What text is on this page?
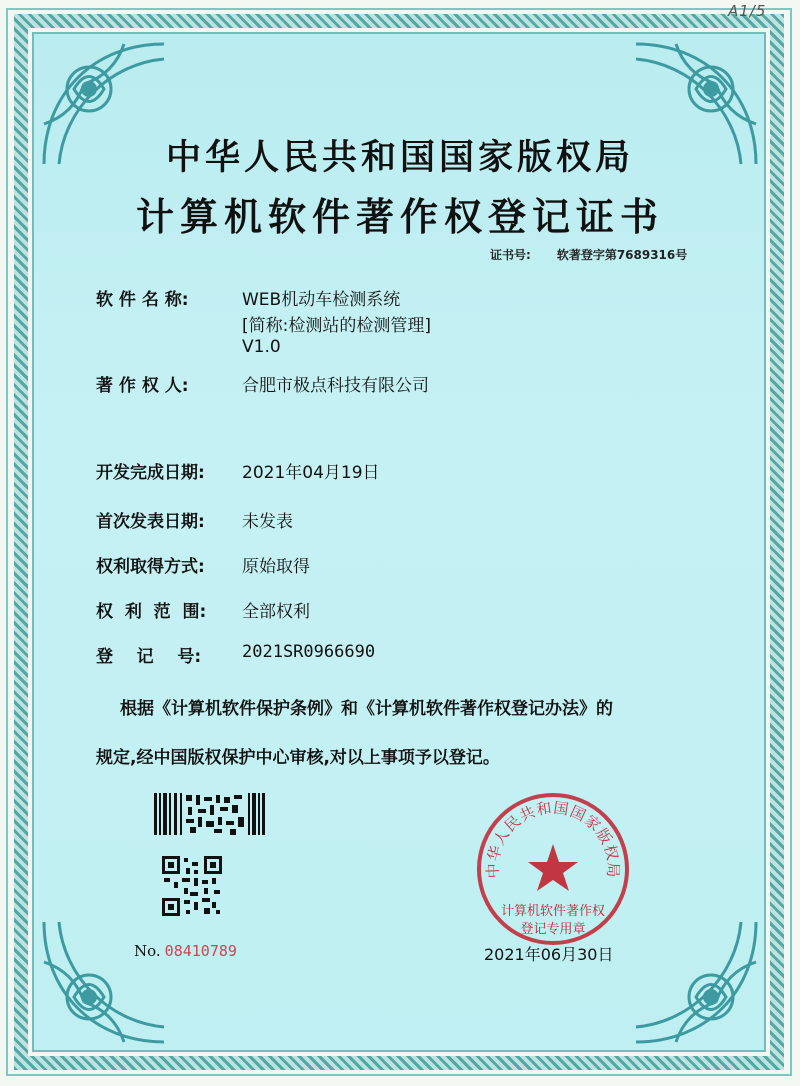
A1/5
中华人民共和国国家版权局
计算机软件著作权登记证书
证书号: 软著登字第7689316号
软 件 名 称:	WEB机动车检测系统
[简称:检测站的检测管理]
V1.0
著 作 权 人:	合肥市极点科技有限公司
开发完成日期:	2021年04月19日
首次发表日期:	未发表
权利取得方式:	原始取得
权  利  范  围:	全部权利
登    记    号:	2021SR0966690
根据《计算机软件保护条例》和《计算机软件著作权登记办法》的
规定,经中国版权保护中心审核,对以上事项予以登记。
No. 08410789
中华人民共和国国家版权局
计算机软件著作权
登记专用章
2021年06月30日
